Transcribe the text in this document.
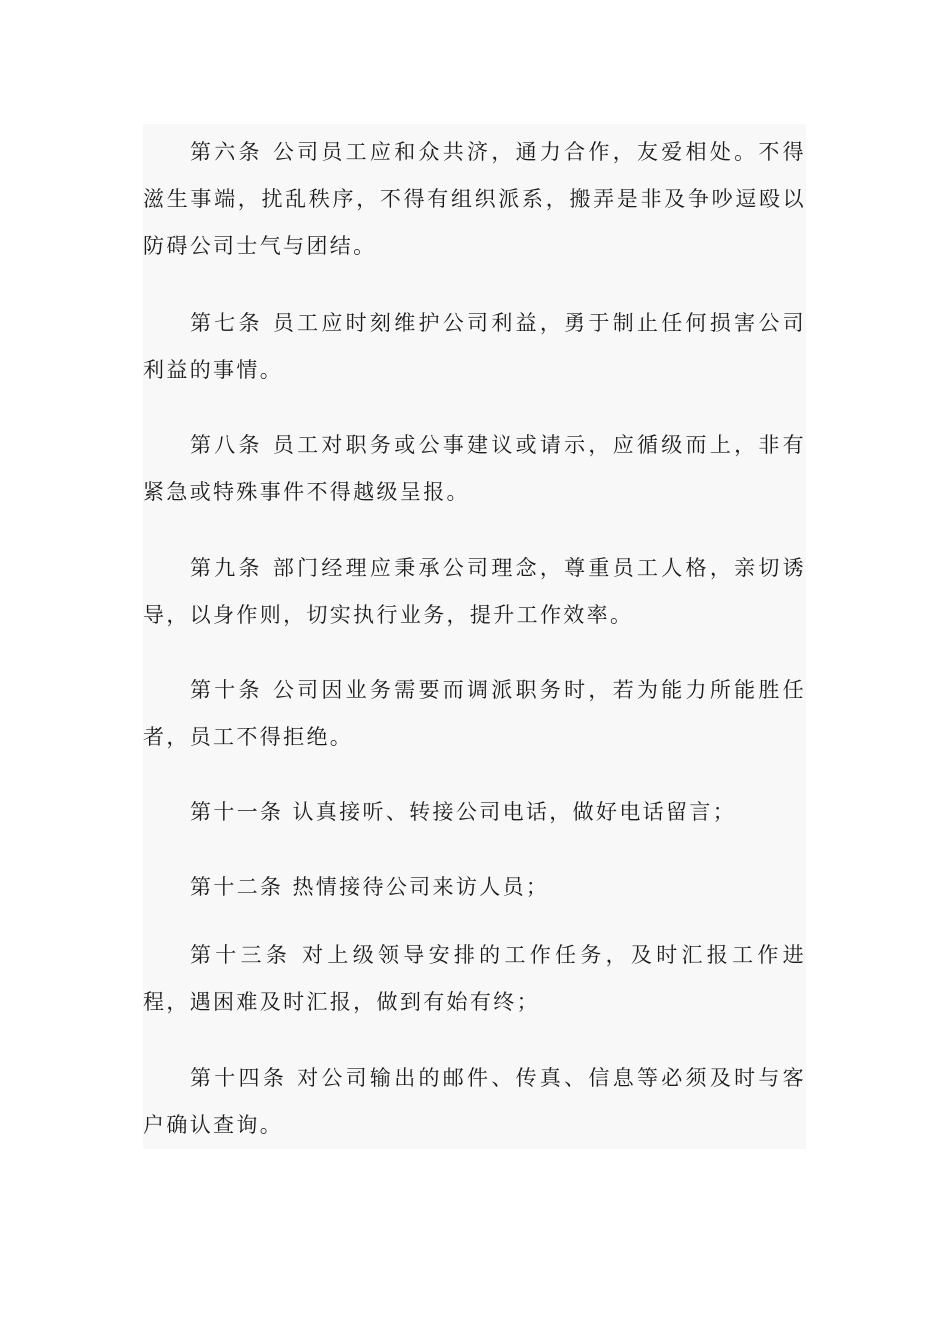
第六条 公司员工应和众共济，通力合作，友爱相处。不得滋生事端，扰乱秩序，不得有组织派系，搬弄是非及争吵逗殴以防碍公司士气与团结。

第七条 员工应时刻维护公司利益，勇于制止任何损害公司利益的事情。

第八条 员工对职务或公事建议或请示，应循级而上，非有紧急或特殊事件不得越级呈报。

第九条 部门经理应秉承公司理念，尊重员工人格，亲切诱导，以身作则，切实执行业务，提升工作效率。

第十条 公司因业务需要而调派职务时，若为能力所能胜任者，员工不得拒绝。

第十一条 认真接听、转接公司电话，做好电话留言；

第十二条 热情接待公司来访人员；

第十三条 对上级领导安排的工作任务，及时汇报工作进程，遇困难及时汇报，做到有始有终；

第十四条 对公司输出的邮件、传真、信息等必须及时与客户确认查询。
